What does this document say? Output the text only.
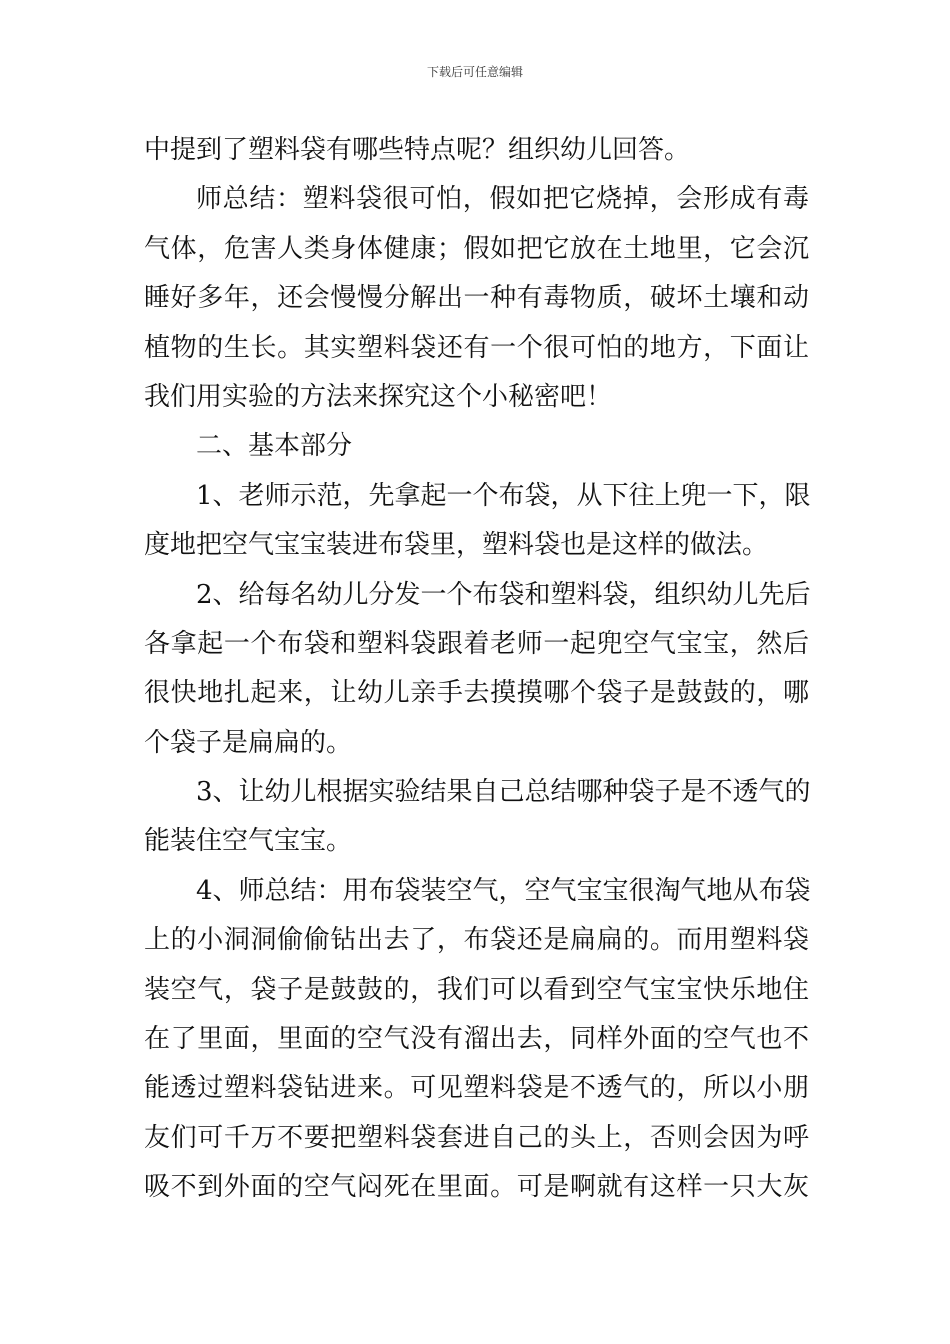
下载后可任意编辑
中提到了塑料袋有哪些特点呢？组织幼儿回答。
师总结：塑料袋很可怕，假如把它烧掉，会形成有毒
气体，危害人类身体健康；假如把它放在土地里，它会沉
睡好多年，还会慢慢分解出一种有毒物质，破坏土壤和动
植物的生长。其实塑料袋还有一个很可怕的地方，下面让
我们用实验的方法来探究这个小秘密吧！
二、基本部分
1、老师示范，先拿起一个布袋，从下往上兜一下，限
度地把空气宝宝装进布袋里，塑料袋也是这样的做法。
2、给每名幼儿分发一个布袋和塑料袋，组织幼儿先后
各拿起一个布袋和塑料袋跟着老师一起兜空气宝宝，然后
很快地扎起来，让幼儿亲手去摸摸哪个袋子是鼓鼓的，哪
个袋子是扁扁的。
3、让幼儿根据实验结果自己总结哪种袋子是不透气的
能装住空气宝宝。
4、师总结：用布袋装空气，空气宝宝很淘气地从布袋
上的小洞洞偷偷钻出去了，布袋还是扁扁的。而用塑料袋
装空气，袋子是鼓鼓的，我们可以看到空气宝宝快乐地住
在了里面，里面的空气没有溜出去，同样外面的空气也不
能透过塑料袋钻进来。可见塑料袋是不透气的，所以小朋
友们可千万不要把塑料袋套进自己的头上，否则会因为呼
吸不到外面的空气闷死在里面。可是啊就有这样一只大灰
